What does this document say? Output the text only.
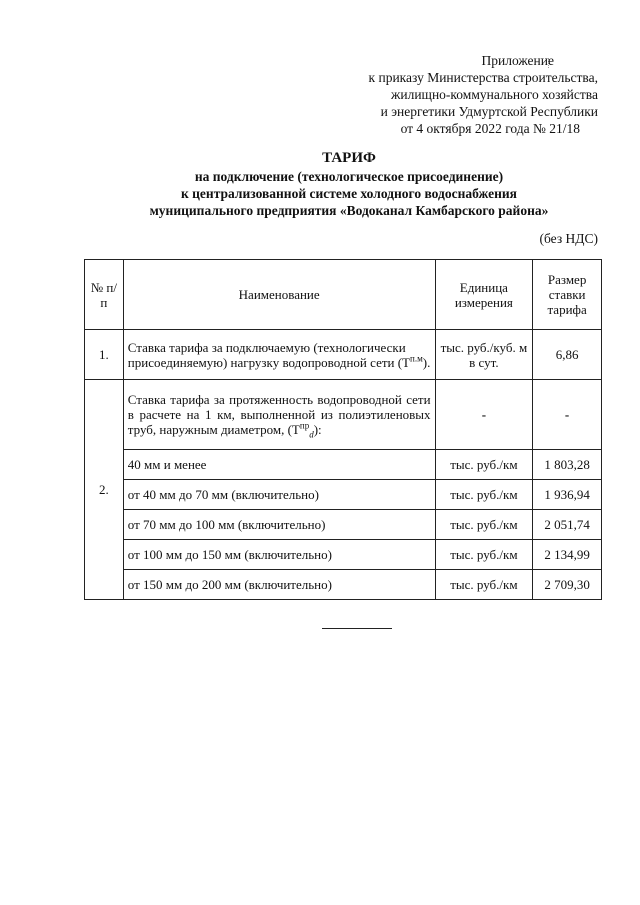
Приложение
к приказу Министерства строительства,
жилищно-коммунального хозяйства
и энергетики Удмуртской Республики
от 4 октября 2022 года № 21/18
ТАРИФ
на подключение (технологическое присоединение)
к централизованной системе холодного водоснабжения
муниципального предприятия «Водоканал Камбарского района»
(без НДС)
№ п/п	Наименование	Единица измерения	Размер ставки тарифа
1.	Ставка тарифа за подключаемую (технологически присоединяемую) нагрузку водопроводной сети $(Т^{п.м})$.	тыс. руб./куб. м в сут.	6,86
2.	Ставка тарифа за протяженность водопроводной сети в расчете на 1 км, выполненной из полиэтиленовых труб, наружным диаметром, $(Т^{пр}_d)$:	-	-
	40 мм и менее	тыс. руб./км	1 803,28
	от 40 мм до 70 мм (включительно)	тыс. руб./км	1 936,94
	от 70 мм до 100 мм (включительно)	тыс. руб./км	2 051,74
	от 100 мм до 150 мм (включительно)	тыс. руб./км	2 134,99
	от 150 мм до 200 мм (включительно)	тыс. руб./км	2 709,30
